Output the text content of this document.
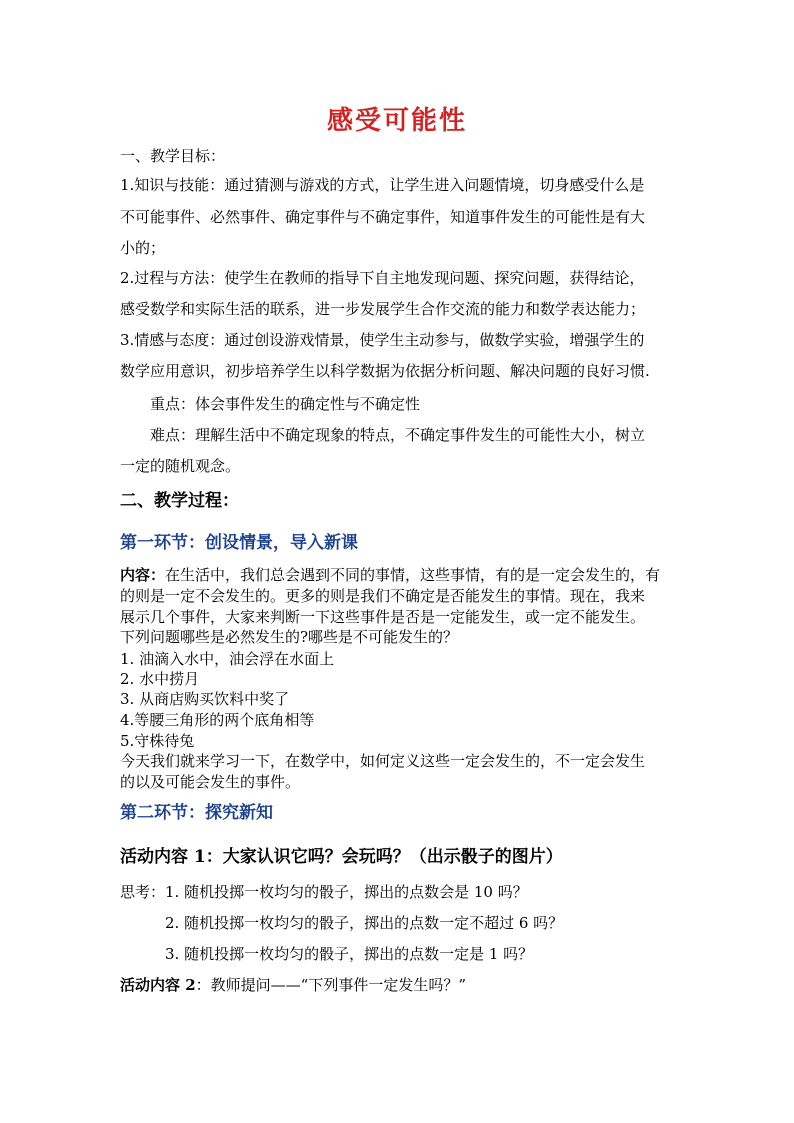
感受可能性
一、教学目标：
1.知识与技能：通过猜测与游戏的方式，让学生进入问题情境，切身感受什么是
不可能事件、必然事件、确定事件与不确定事件，知道事件发生的可能性是有大
小的；
2.过程与方法：使学生在教师的指导下自主地发现问题、探究问题，获得结论，
感受数学和实际生活的联系，进一步发展学生合作交流的能力和数学表达能力；
3.情感与态度：通过创设游戏情景，使学生主动参与，做数学实验，增强学生的
数学应用意识，初步培养学生以科学数据为依据分析问题、解决问题的良好习惯.
重点：体会事件发生的确定性与不确定性
难点：理解生活中不确定现象的特点，不确定事件发生的可能性大小，树立
一定的随机观念。
二、教学过程：
第一环节：创设情景，导入新课
内容：在生活中，我们总会遇到不同的事情，这些事情，有的是一定会发生的，有
的则是一定不会发生的。更多的则是我们不确定是否能发生的事情。现在，我来
展示几个事件，大家来判断一下这些事件是否是一定能发生，或一定不能发生。
下列问题哪些是必然发生的?哪些是不可能发生的？
1. 油滴入水中，油会浮在水面上
2. 水中捞月
3. 从商店购买饮料中奖了
4.等腰三角形的两个底角相等
5.守株待兔
今天我们就来学习一下，在数学中，如何定义这些一定会发生的，不一定会发生
的以及可能会发生的事件。
第二环节：探究新知
活动内容 1：大家认识它吗？会玩吗？（出示骰子的图片）
思考：1. 随机投掷一枚均匀的骰子，掷出的点数会是 10 吗？
2. 随机投掷一枚均匀的骰子，掷出的点数一定不超过 6 吗？
3. 随机投掷一枚均匀的骰子，掷出的点数一定是 1 吗？
活动内容 2：教师提问——“下列事件一定发生吗？”
